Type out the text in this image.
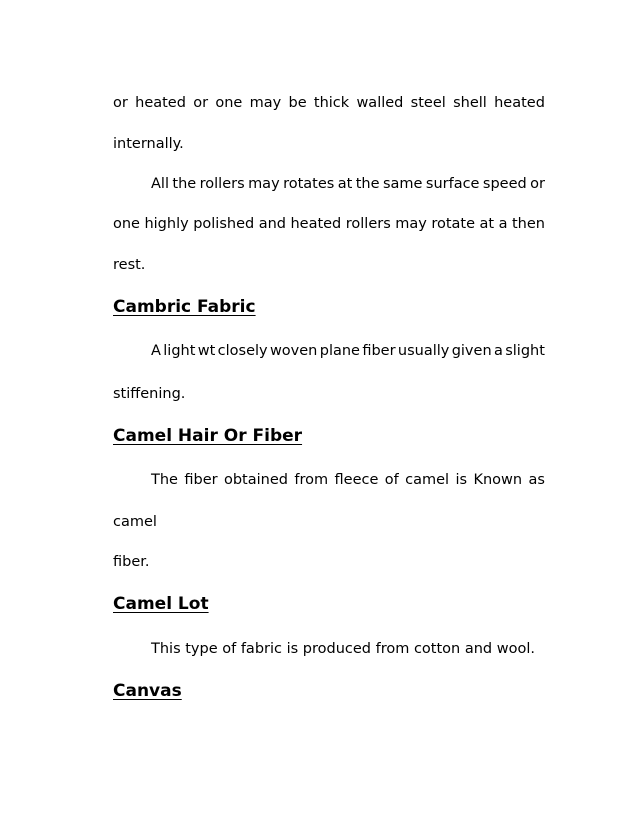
or heated or one may be thick walled steel shell heated
internally.
All the rollers may rotates at the same surface speed or
one highly polished and heated rollers may rotate at a then
rest.
Cambric Fabric
A light wt closely woven plane fiber usually given a slight
stiffening.
Camel Hair Or Fiber
The fiber obtained from fleece of camel is Known as
camel
fiber.
Camel Lot
This type of fabric is produced from cotton and wool.
Canvas
